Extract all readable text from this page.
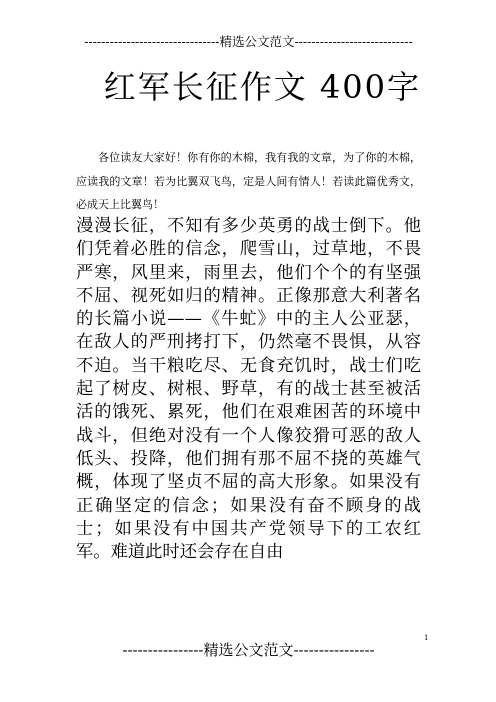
--------------------------------精选公文范文----------------------------
红军长征作文 400字
各位读友大家好！你有你的木棉，我有我的文章，为了你的木棉，应读我的文章！若为比翼双飞鸟，定是人间有情人！若读此篇优秀文，必成天上比翼鸟！
漫漫长征，不知有多少英勇的战士倒下。他们凭着必胜的信念，爬雪山，过草地，不畏严寒，风里来，雨里去，他们个个的有坚强不屈、视死如归的精神。正像那意大利著名的长篇小说——《牛虻》中的主人公亚瑟，在敌人的严刑拷打下，仍然毫不畏惧，从容不迫。当干粮吃尽、无食充饥时，战士们吃起了树皮、树根、野草，有的战士甚至被活活的饿死、累死，他们在艰难困苦的环境中战斗，但绝对没有一个人像狡猾可恶的敌人低头、投降，他们拥有那不屈不挠的英雄气概，体现了坚贞不屈的高大形象。如果没有正确坚定的信念；如果没有奋不顾身的战士；如果没有中国共产党领导下的工农红军。难道此时还会存在自由
----------------精选公文范文----------------
1
